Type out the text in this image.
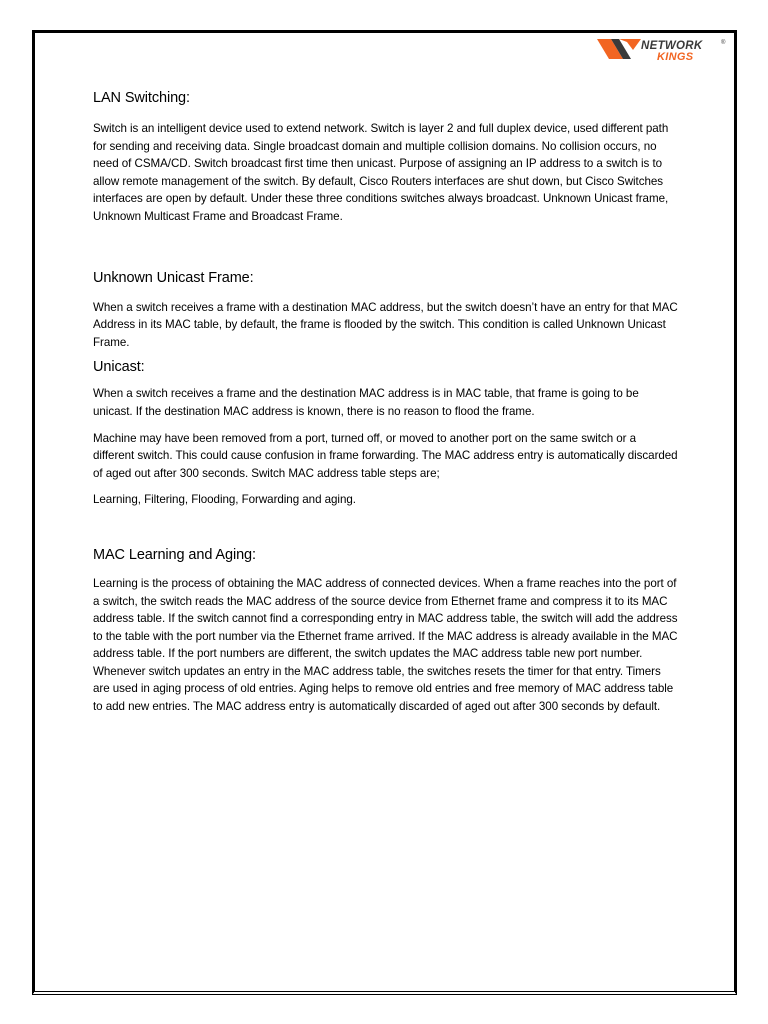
NETWORK	®
KINGS
LAN Switching:

Switch is an intelligent device used to extend network. Switch is layer 2 and full duplex device, used different path for sending and receiving data. Single broadcast domain and multiple collision domains. No collision occurs, no need of CSMA/CD. Switch broadcast first time then unicast. Purpose of assigning an IP address to a switch is to allow remote management of the switch. By default, Cisco Routers interfaces are shut down, but Cisco Switches interfaces are open by default. Under these three conditions switches always broadcast. Unknown Unicast frame, Unknown Multicast Frame and Broadcast Frame.

Unknown Unicast Frame:

When a switch receives a frame with a destination MAC address, but the switch doesn’t have an entry for that MAC Address in its MAC table, by default, the frame is flooded by the switch. This condition is called Unknown Unicast Frame.

Unicast:

When a switch receives a frame and the destination MAC address is in MAC table, that frame is going to be unicast. If the destination MAC address is known, there is no reason to flood the frame.

Machine may have been removed from a port, turned off, or moved to another port on the same switch or a different switch. This could cause confusion in frame forwarding. The MAC address entry is automatically discarded of aged out after 300 seconds. Switch MAC address table steps are;

Learning, Filtering, Flooding, Forwarding and aging.

MAC Learning and Aging:

Learning is the process of obtaining the MAC address of connected devices. When a frame reaches into the port of a switch, the switch reads the MAC address of the source device from Ethernet frame and compress it to its MAC address table. If the switch cannot find a corresponding entry in MAC address table, the switch will add the address to the table with the port number via the Ethernet frame arrived. If the MAC address is already available in the MAC address table. If the port numbers are different, the switch updates the MAC address table new port number. Whenever switch updates an entry in the MAC address table, the switches resets the timer for that entry. Timers are used in aging process of old entries. Aging helps to remove old entries and free memory of MAC address table to add new entries. The MAC address entry is automatically discarded of aged out after 300 seconds by default.
